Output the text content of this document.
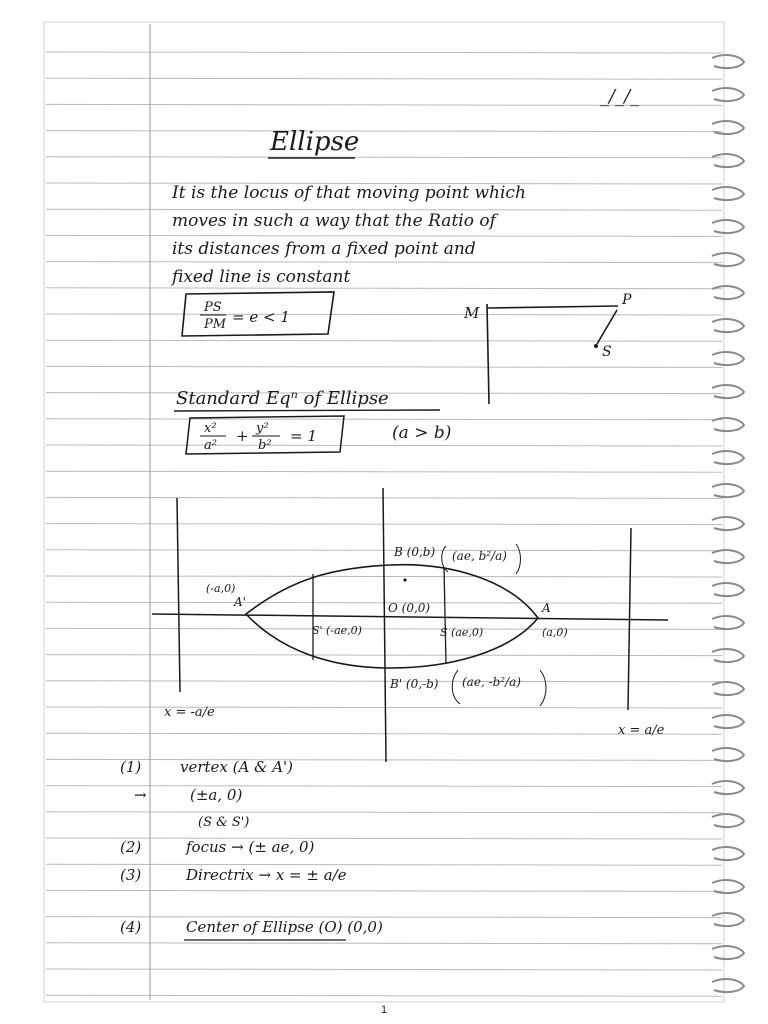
_/_/_
Ellipse
It is the locus of that moving point which
moves in such a way that the Ratio of
its distances from a fixed point and
fixed line is constant
PS
PM = e < 1	M
P
S
Standard Eqⁿ of Ellipse
x²
a²
+ y²
b²
= 1	(a > b)
B (0,b) (ae, b²/a)
(-a,0)
A'	O (0,0)
S' (-ae,0)	S (ae,0)
A
(a,0)
B' (0,-b) (ae, -b²/a)
x = -a/e
x = a/e
(1)	vertex (A & A')
→	(±a, 0)
(S & S')
(2)	focus → (± ae, 0)
(3)	Directrix → x = ± a/e
(4)	Center of Ellipse (O) (0,0)
1
